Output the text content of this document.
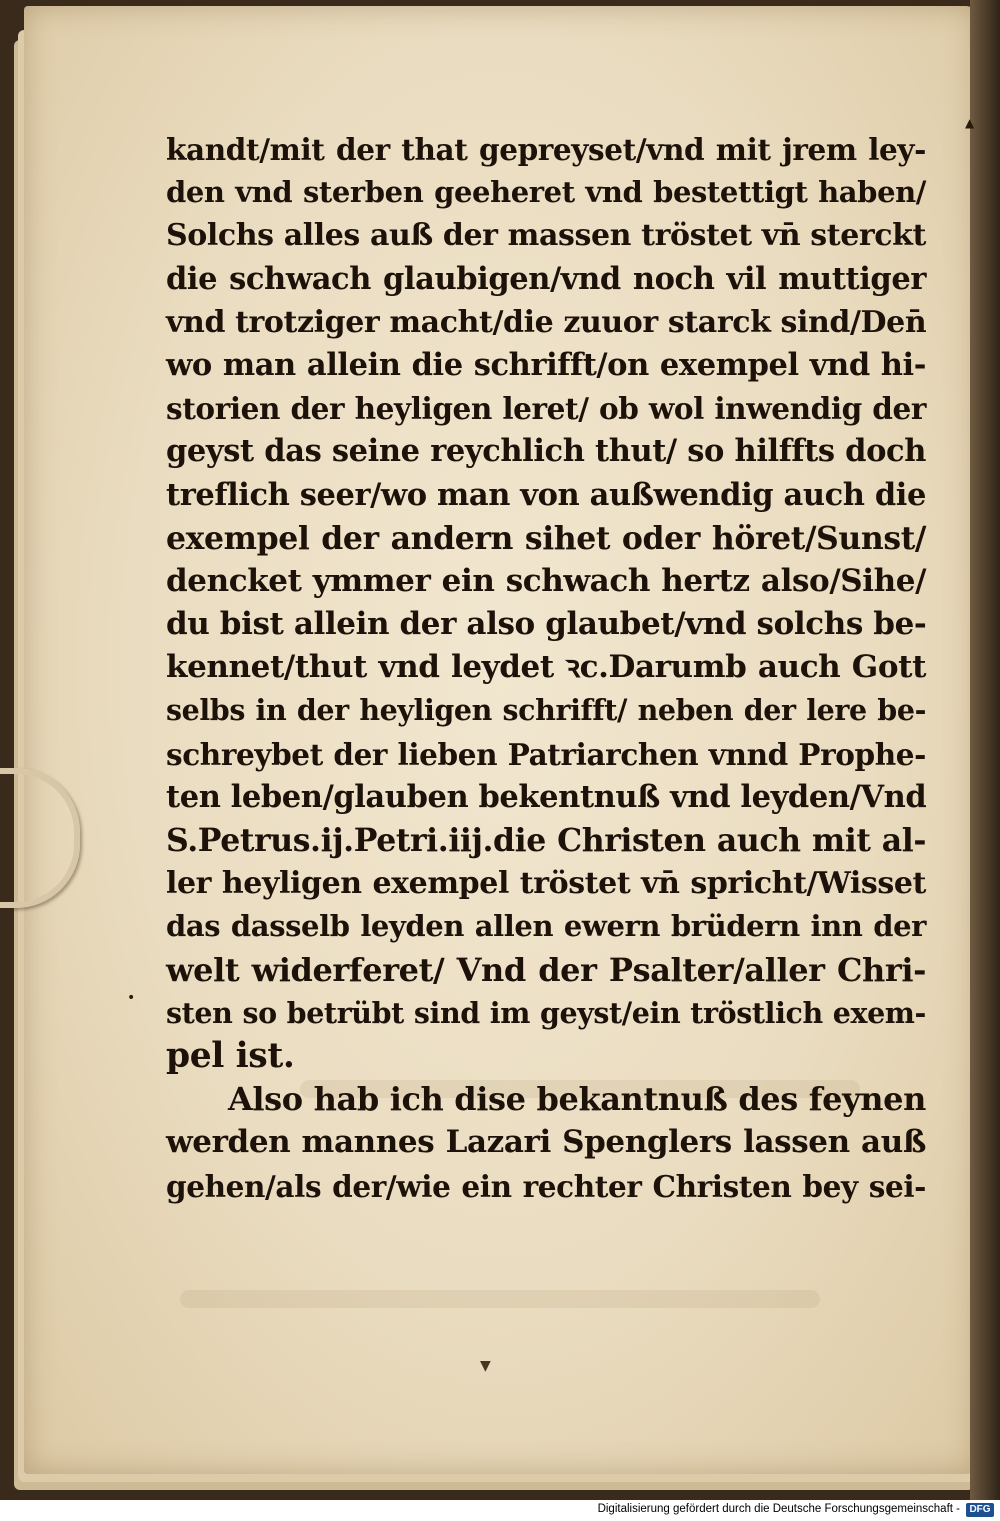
▲
•
▼
kandt/mit der that gepreyset/vnd mit jrem ley-
den vnd sterben geeheret vnd bestettigt haben/
Solchs alles auß der massen tröstet vn̄ sterckt
die schwach glaubigen/vnd noch vil muttiger
vnd trotziger macht/die zuuor starck sind/Den̄
wo man allein die schrifft/on exempel vnd hi-
storien der heyligen leret/ ob wol inwendig der
geyst das seine reychlich thut/ so hilffts doch
treflich seer/wo man von außwendig auch die
exempel der andern sihet oder höret/Sunst/
dencket ymmer ein schwach hertz also/Sihe/
du bist allein der also glaubet/vnd solchs be-
kennet/thut vnd leydet ꝛc.Darumb auch Gott
selbs in der heyligen schrifft/ neben der lere be-
schreybet der lieben Patriarchen vnnd Prophe-
ten leben/glauben bekentnuß vnd leyden/Vnd
S.Petrus.ij.Petri.iij.die Christen auch mit al-
ler heyligen exempel tröstet vn̄ spricht/Wisset
das dasselb leyden allen ewern brüdern inn der
welt widerferet/ Vnd der Psalter/aller Chri-
sten so betrübt sind im geyst/ein tröstlich exem-
pel ist.
Also hab ich dise bekantnuß des feynen
werden mannes Lazari Spenglers lassen auß
gehen/als der/wie ein rechter Christen bey sei-
Digitalisierung gefördert durch die Deutsche Forschungsgemeinschaft - DFG
